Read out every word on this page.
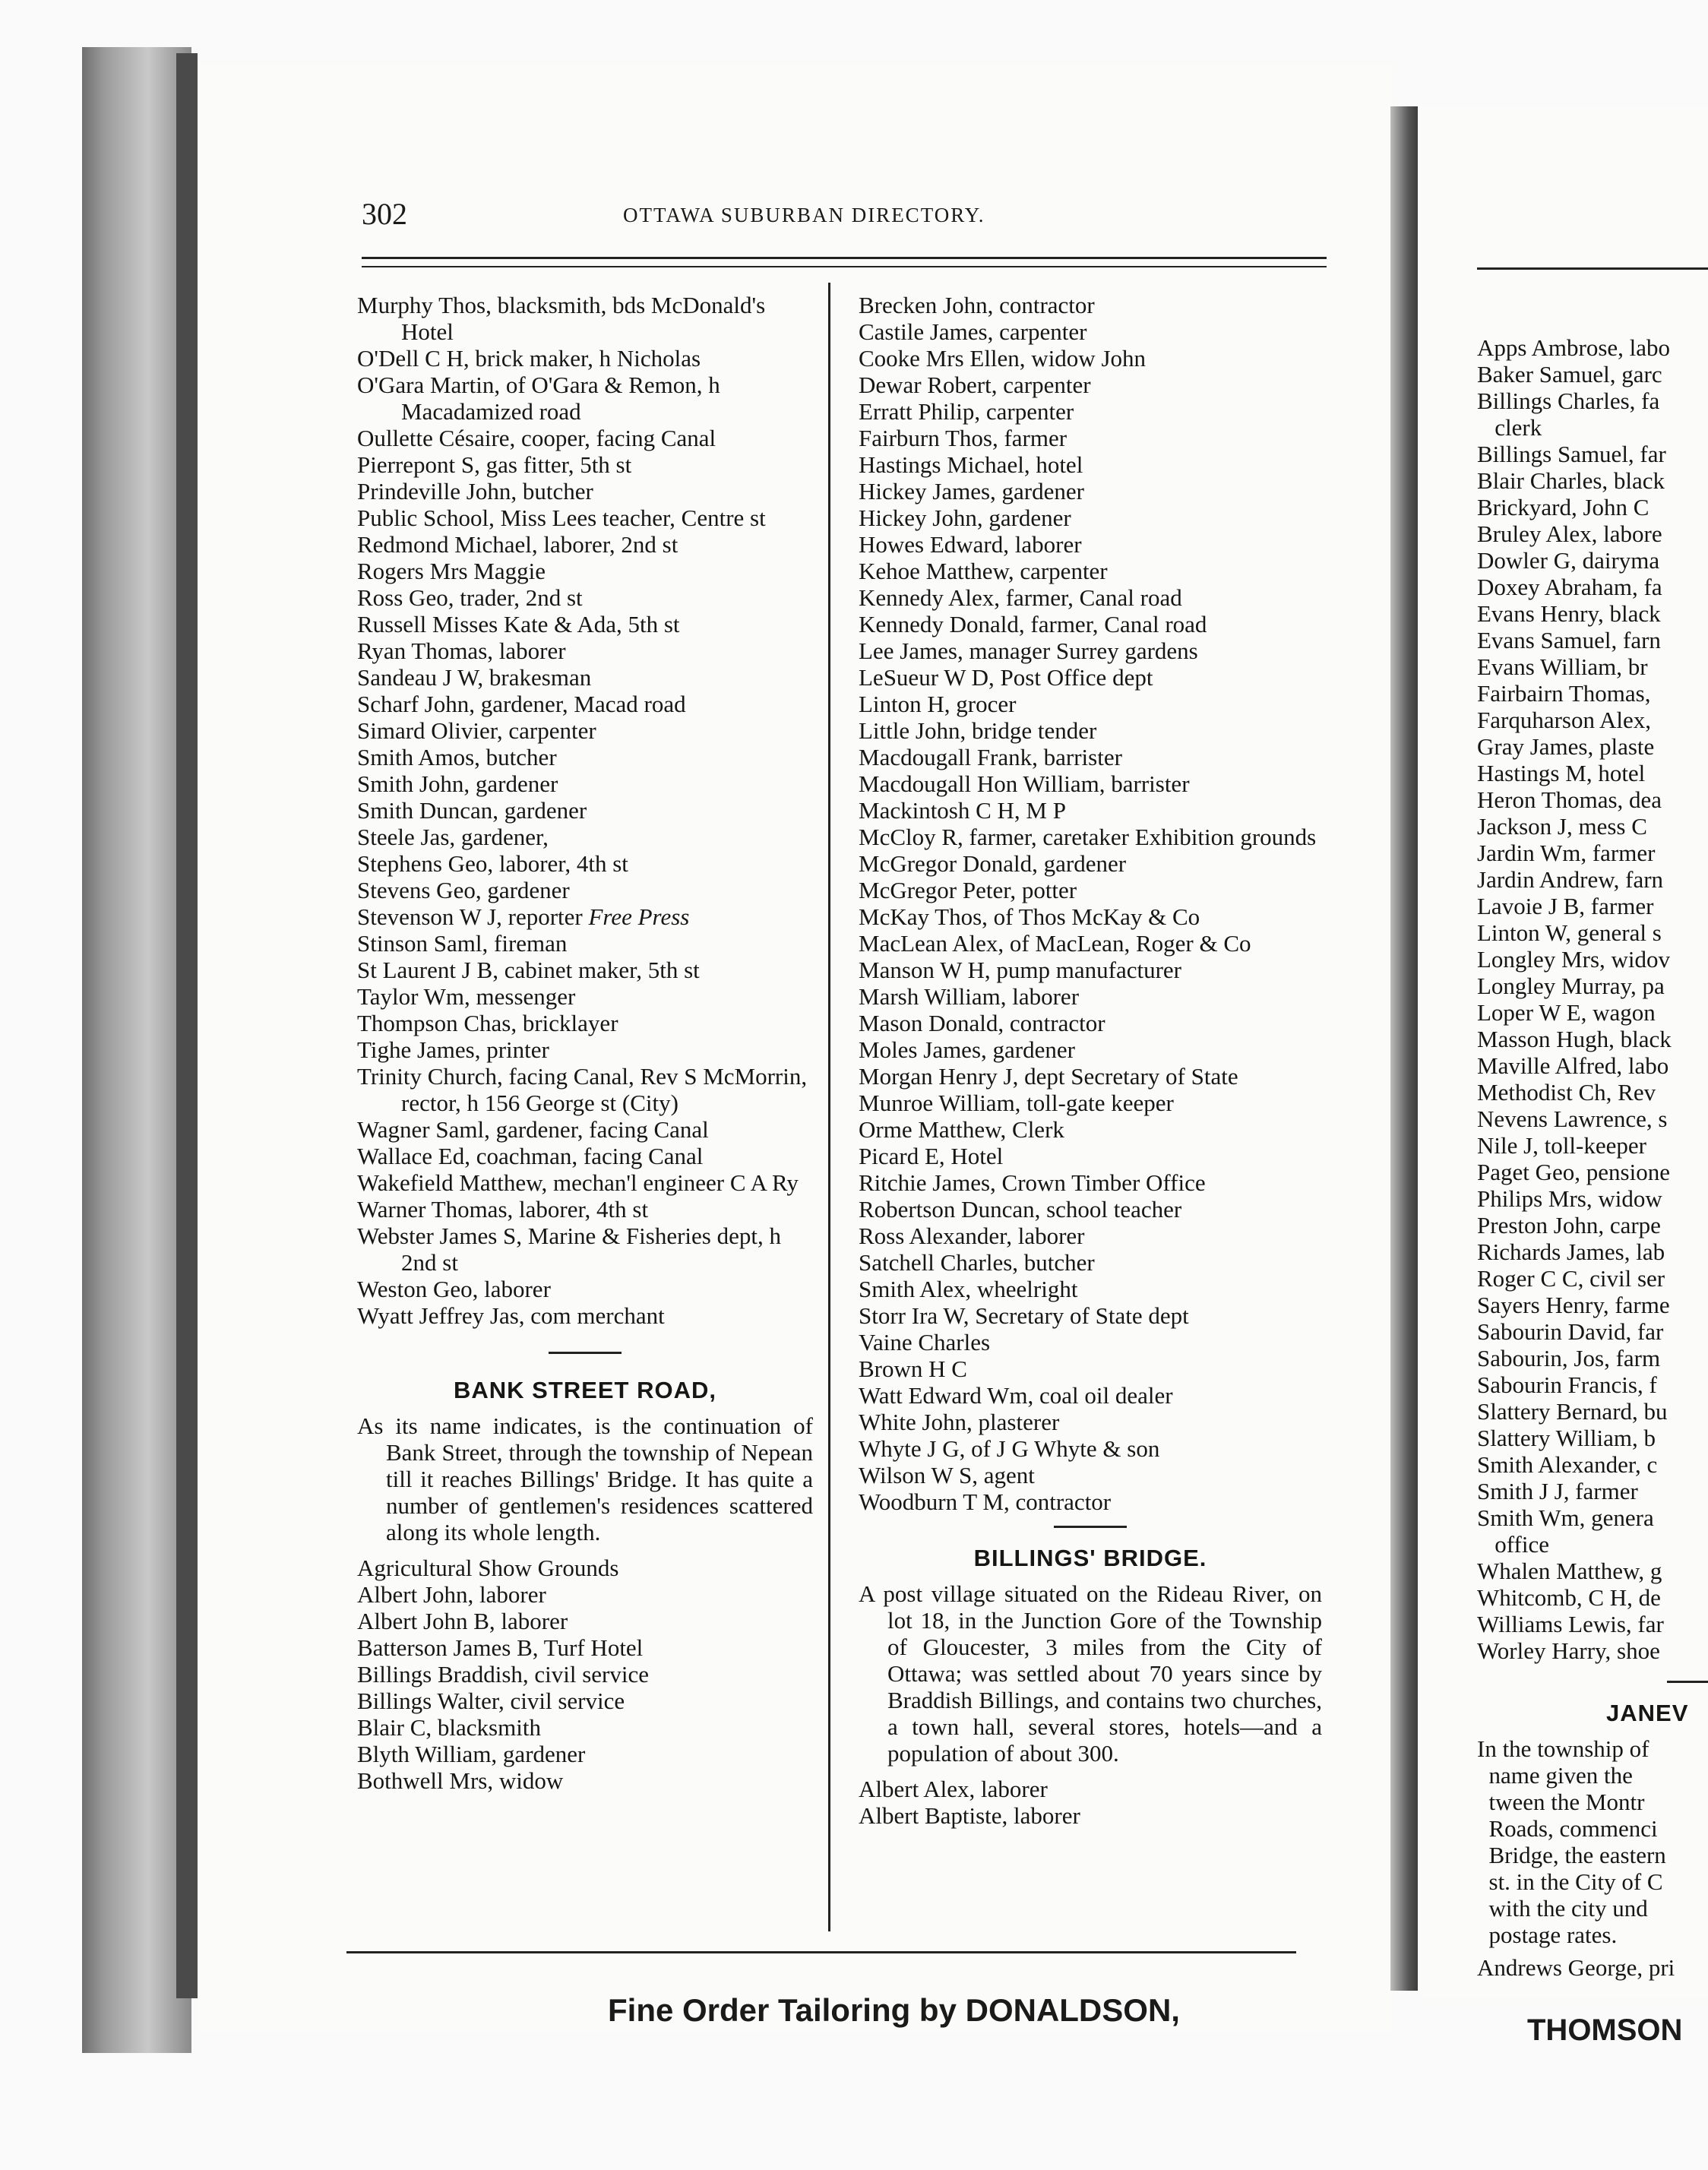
302	OTTAWA SUBURBAN DIRECTORY.

Murphy Thos, blacksmith, bds McDonald's Hotel

O'Dell C H, brick maker, h Nicholas

O'Gara Martin, of O'Gara & Remon, h Macadamized road

Oullette Césaire, cooper, facing Canal

Pierrepont S, gas fitter, 5th st

Prindeville John, butcher

Public School, Miss Lees teacher, Centre st

Redmond Michael, laborer, 2nd st

Rogers Mrs Maggie

Ross Geo, trader, 2nd st

Russell Misses Kate & Ada, 5th st

Ryan Thomas, laborer

Sandeau J W, brakesman

Scharf John, gardener, Macad road

Simard Olivier, carpenter

Smith Amos, butcher

Smith John, gardener

Smith Duncan, gardener

Steele Jas, gardener,

Stephens Geo, laborer, 4th st

Stevens Geo, gardener

Stevenson W J, reporter Free Press

Stinson Saml, fireman

St Laurent J B, cabinet maker, 5th st

Taylor Wm, messenger

Thompson Chas, bricklayer

Tighe James, printer

Trinity Church, facing Canal, Rev S McMorrin, rector, h 156 George st (City)

Wagner Saml, gardener, facing Canal

Wallace Ed, coachman, facing Canal

Wakefield Matthew, mechan'l engineer C A Ry

Warner Thomas, laborer, 4th st

Webster James S, Marine & Fisheries dept, h 2nd st

Weston Geo, laborer

Wyatt Jeffrey Jas, com merchant

BANK STREET ROAD,

As its name indicates, is the continuation of Bank Street, through the township of Nepean till it reaches Billings' Bridge. It has quite a number of gentlemen's residences scattered along its whole length.

Agricultural Show Grounds

Albert John, laborer

Albert John B, laborer

Batterson James B, Turf Hotel

Billings Braddish, civil service

Billings Walter, civil service

Blair C, blacksmith

Blyth William, gardener

Bothwell Mrs, widow

Brecken John, contractor

Castile James, carpenter

Cooke Mrs Ellen, widow John

Dewar Robert, carpenter

Erratt Philip, carpenter

Fairburn Thos, farmer

Hastings Michael, hotel

Hickey James, gardener

Hickey John, gardener

Howes Edward, laborer

Kehoe Matthew, carpenter

Kennedy Alex, farmer, Canal road

Kennedy Donald, farmer, Canal road

Lee James, manager Surrey gardens

LeSueur W D, Post Office dept

Linton H, grocer

Little John, bridge tender

Macdougall Frank, barrister

Macdougall Hon William, barrister

Mackintosh C H, M P

McCloy R, farmer, caretaker Exhibition grounds

McGregor Donald, gardener

McGregor Peter, potter

McKay Thos, of Thos McKay & Co

MacLean Alex, of MacLean, Roger & Co

Manson W H, pump manufacturer

Marsh William, laborer

Mason Donald, contractor

Moles James, gardener

Morgan Henry J, dept Secretary of State

Munroe William, toll-gate keeper

Orme Matthew, Clerk

Picard E, Hotel

Ritchie James, Crown Timber Office

Robertson Duncan, school teacher

Ross Alexander, laborer

Satchell Charles, butcher

Smith Alex, wheelright

Storr Ira W, Secretary of State dept

Vaine Charles

Brown H C

Watt Edward Wm, coal oil dealer

White John, plasterer

Whyte J G, of J G Whyte & son

Wilson W S, agent

Woodburn T M, contractor

BILLINGS' BRIDGE.

A post village situated on the Rideau River, on lot 18, in the Junction Gore of the Township of Gloucester, 3 miles from the City of Ottawa; was settled about 70 years since by Braddish Billings, and contains two churches, a town hall, several stores, hotels—and a population of about 300.

Albert Alex, laborer

Albert Baptiste, laborer

Apps Ambrose, labo

Baker Samuel, garc

Billings Charles, fa

clerk

Billings Samuel, far

Blair Charles, black

Brickyard, John C

Bruley Alex, labore

Dowler G, dairyma

Doxey Abraham, fa

Evans Henry, black

Evans Samuel, farn

Evans William, br

Fairbairn Thomas,

Farquharson Alex,

Gray James, plaste

Hastings M, hotel

Heron Thomas, dea

Jackson J, mess C

Jardin Wm, farmer

Jardin Andrew, farn

Lavoie J B, farmer

Linton W, general s

Longley Mrs, widov

Longley Murray, pa

Loper W E, wagon

Masson Hugh, black

Maville Alfred, labo

Methodist Ch, Rev

Nevens Lawrence, s

Nile J, toll-keeper

Paget Geo, pensione

Philips Mrs, widow

Preston John, carpe

Richards James, lab

Roger C C, civil ser

Sayers Henry, farme

Sabourin David, far

Sabourin, Jos, farm

Sabourin Francis, f

Slattery Bernard, bu

Slattery William, b

Smith Alexander, c

Smith J J, farmer

Smith Wm, genera

office

Whalen Matthew, g

Whitcomb, C H, de

Williams Lewis, far

Worley Harry, shoe

JANEV

In the township of

name given the

tween the Montr

Roads, commenci

Bridge, the eastern

st. in the City of C

with the city und

postage rates.

Andrews George, pri

Fine Order Tailoring by DONALDSON,
THOMSON
